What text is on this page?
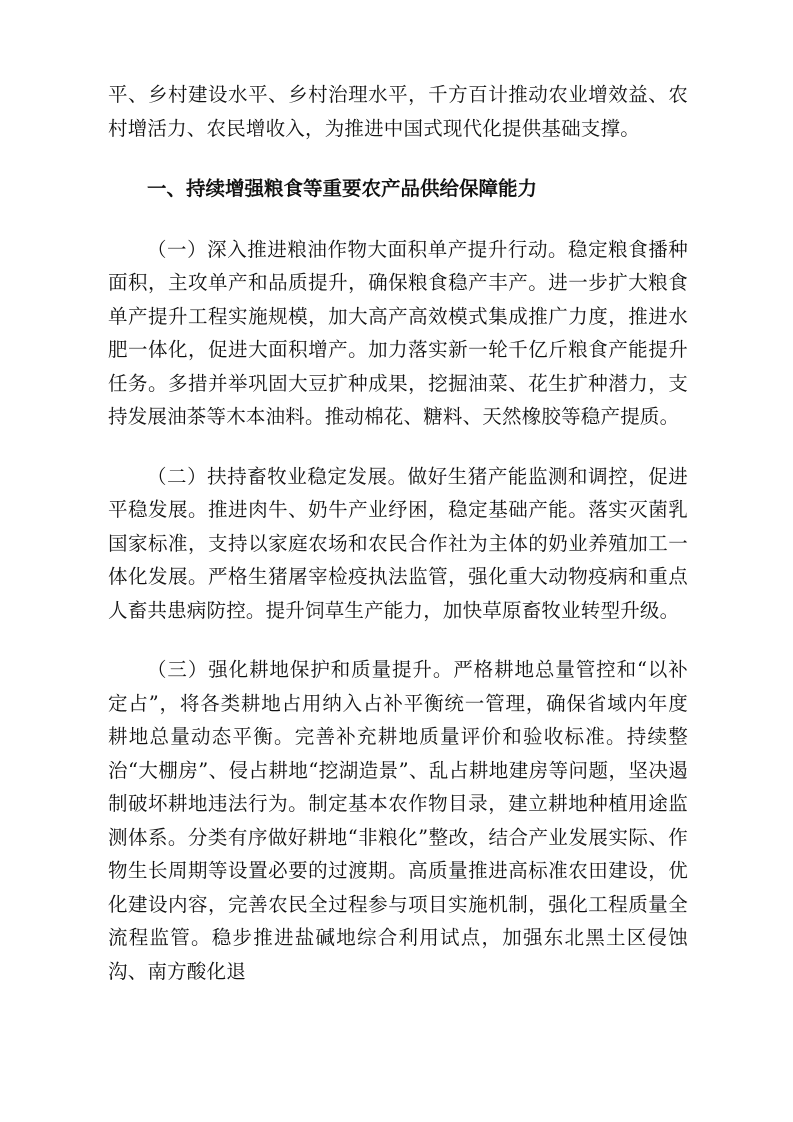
平、乡村建设水平、乡村治理水平，千方百计推动农业增效益、农村增活力、农民增收入，为推进中国式现代化提供基础支撑。

一、持续增强粮食等重要农产品供给保障能力

（一）深入推进粮油作物大面积单产提升行动。稳定粮食播种面积，主攻单产和品质提升，确保粮食稳产丰产。进一步扩大粮食单产提升工程实施规模，加大高产高效模式集成推广力度，推进水肥一体化，促进大面积增产。加力落实新一轮千亿斤粮食产能提升任务。多措并举巩固大豆扩种成果，挖掘油菜、花生扩种潜力，支持发展油茶等木本油料。推动棉花、糖料、天然橡胶等稳产提质。

（二）扶持畜牧业稳定发展。做好生猪产能监测和调控，促进平稳发展。推进肉牛、奶牛产业纾困，稳定基础产能。落实灭菌乳国家标准，支持以家庭农场和农民合作社为主体的奶业养殖加工一体化发展。严格生猪屠宰检疫执法监管，强化重大动物疫病和重点人畜共患病防控。提升饲草生产能力，加快草原畜牧业转型升级。

（三）强化耕地保护和质量提升。严格耕地总量管控和“以补定占”，将各类耕地占用纳入占补平衡统一管理，确保省域内年度耕地总量动态平衡。完善补充耕地质量评价和验收标准。持续整治“大棚房”、侵占耕地“挖湖造景”、乱占耕地建房等问题，坚决遏制破坏耕地违法行为。制定基本农作物目录，建立耕地种植用途监测体系。分类有序做好耕地“非粮化”整改，结合产业发展实际、作物生长周期等设置必要的过渡期。高质量推进高标准农田建设，优化建设内容，完善农民全过程参与项目实施机制，强化工程质量全流程监管。稳步推进盐碱地综合利用试点，加强东北黑土区侵蚀沟、南方酸化退
